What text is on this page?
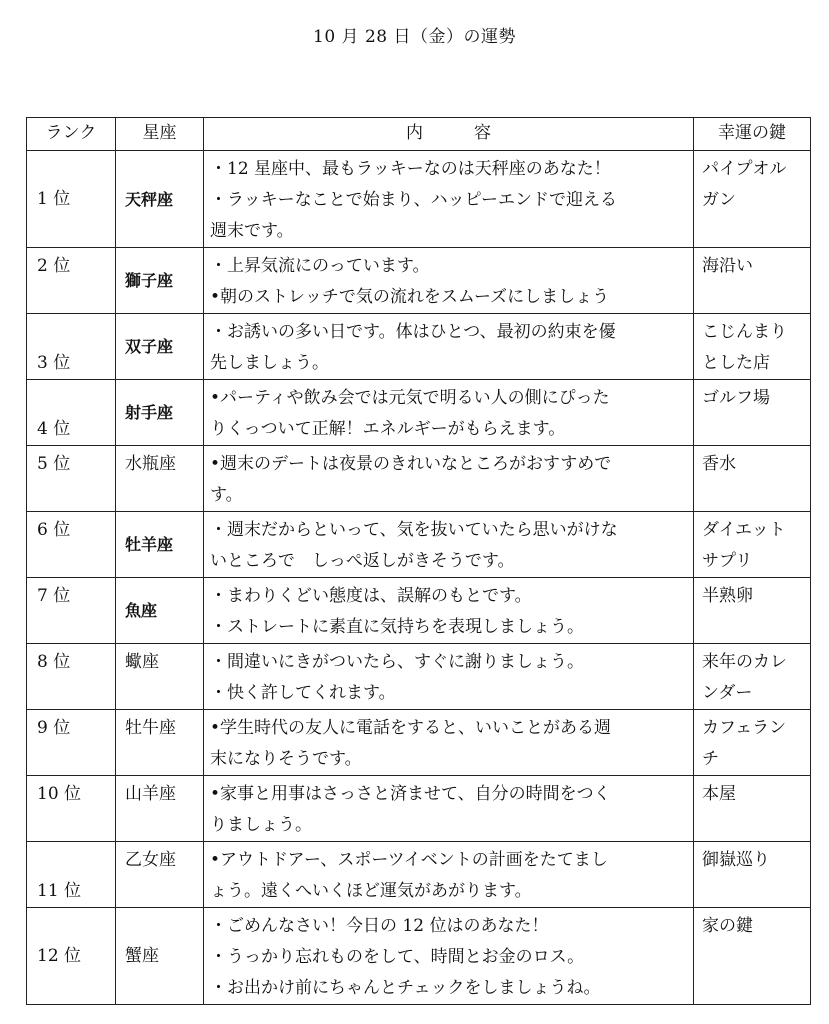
10 月 28 日（金）の運勢
ランク	星座	内　　　容	幸運の鍵
1 位	天秤座	・12 星座中、最もラッキーなのは天秤座のあなた！
・ラッキーなことで始まり、ハッピーエンドで迎える
週末です。	パイプオル
ガン

2 位	獅子座	・上昇気流にのっています。
•朝のストレッチで気の流れをスムーズにしましょう	海沿い

3 位	双子座	・お誘いの多い日です。体はひとつ、最初の約束を優
先しましょう。	こじんまり
とした店

4 位	射手座	•パーティや飲み会では元気で明るい人の側にぴった
りくっついて正解！エネルギーがもらえます。	ゴルフ場

5 位	水瓶座	•週末のデートは夜景のきれいなところがおすすめで
す。	香水

6 位	牡羊座	・週末だからといって、気を抜いていたら思いがけな
いところで　しっぺ返しがきそうです。	ダイエット
サプリ

7 位	魚座	・まわりくどい態度は、誤解のもとです。
・ストレートに素直に気持ちを表現しましょう。	半熟卵

8 位	蠍座	・間違いにきがついたら、すぐに謝りましょう。
・快く許してくれます。	来年のカレ
ンダー

9 位	牡牛座	•学生時代の友人に電話をすると、いいことがある週
末になりそうです。	カフェラン
チ

10 位	山羊座	•家事と用事はさっさと済ませて、自分の時間をつく
りましょう。	本屋

11 位	乙女座	•アウトドアー、スポーツイベントの計画をたてまし
ょう。遠くへいくほど運気があがります。	御嶽巡り

12 位	蟹座	・ごめんなさい！今日の 12 位はのあなた！
・うっかり忘れものをして、時間とお金のロス。
・お出かけ前にちゃんとチェックをしましょうね。	家の鍵
